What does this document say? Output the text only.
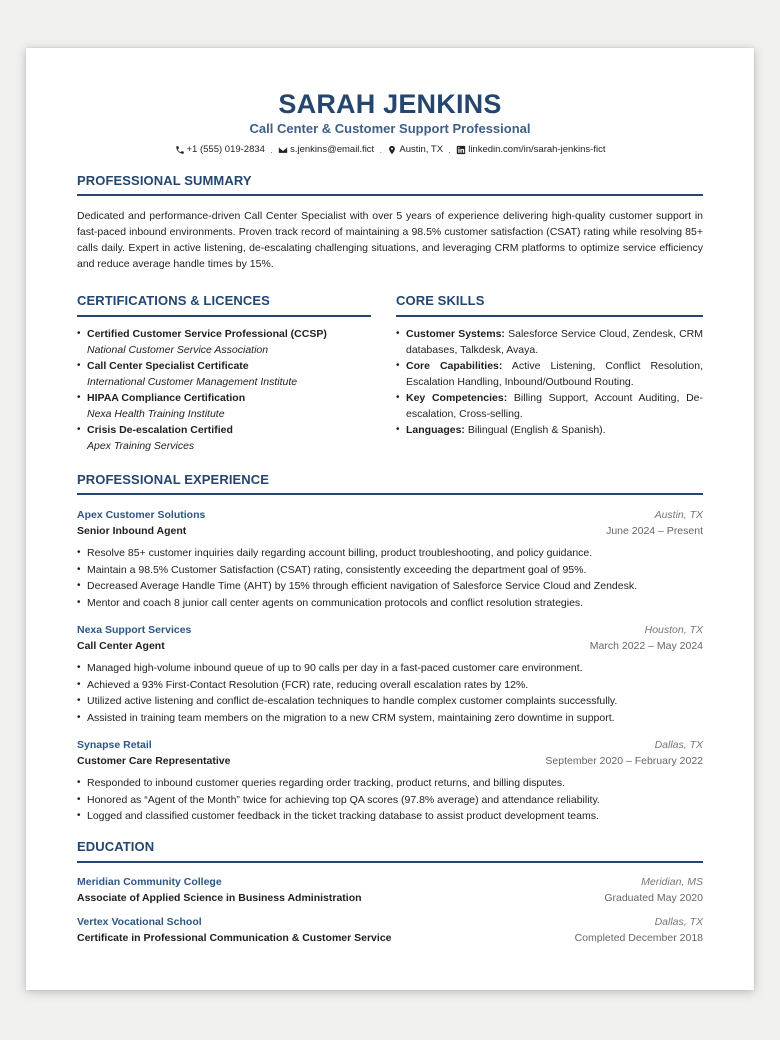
SARAH JENKINS
Call Center & Customer Support Professional
+1 (555) 019-2834 · s.jenkins@email.fict · Austin, TX · linkedin.com/in/sarah-jenkins-fict
PROFESSIONAL SUMMARY

Dedicated and performance-driven Call Center Specialist with over 5 years of experience delivering high-quality customer support in fast-paced inbound environments. Proven track record of maintaining a 98.5% customer satisfaction (CSAT) rating while resolving 85+ calls daily. Expert in active listening, de-escalating challenging situations, and leveraging CRM platforms to optimize service efficiency and reduce average handle times by 15%.

CERTIFICATIONS & LICENCES
• Certified Customer Service Professional (CCSP)
National Customer Service Association
• Call Center Specialist Certificate
International Customer Management Institute
• HIPAA Compliance Certification
Nexa Health Training Institute
• Crisis De-escalation Certified
Apex Training Services
CORE SKILLS
• Customer Systems: Salesforce Service Cloud, Zendesk, CRM databases, Talkdesk, Avaya.
• Core Capabilities: Active Listening, Conflict Resolution, Escalation Handling, Inbound/Outbound Routing.
• Key Competencies: Billing Support, Account Auditing, De-escalation, Cross-selling.
• Languages: Bilingual (English & Spanish).
PROFESSIONAL EXPERIENCE
Apex Customer Solutions	Austin, TX
Senior Inbound Agent	June 2024 – Present
• Resolve 85+ customer inquiries daily regarding account billing, product troubleshooting, and policy guidance.
• Maintain a 98.5% Customer Satisfaction (CSAT) rating, consistently exceeding the department goal of 95%.
• Decreased Average Handle Time (AHT) by 15% through efficient navigation of Salesforce Service Cloud and Zendesk.
• Mentor and coach 8 junior call center agents on communication protocols and conflict resolution strategies.
Nexa Support Services	Houston, TX
Call Center Agent	March 2022 – May 2024
• Managed high-volume inbound queue of up to 90 calls per day in a fast-paced customer care environment.
• Achieved a 93% First-Contact Resolution (FCR) rate, reducing overall escalation rates by 12%.
• Utilized active listening and conflict de-escalation techniques to handle complex customer complaints successfully.
• Assisted in training team members on the migration to a new CRM system, maintaining zero downtime in support.
Synapse Retail	Dallas, TX
Customer Care Representative	September 2020 – February 2022
• Responded to inbound customer queries regarding order tracking, product returns, and billing disputes.
• Honored as “Agent of the Month” twice for achieving top QA scores (97.8% average) and attendance reliability.
• Logged and classified customer feedback in the ticket tracking database to assist product development teams.
EDUCATION
Meridian Community College	Meridian, MS
Associate of Applied Science in Business Administration	Graduated May 2020
Vertex Vocational School	Dallas, TX
Certificate in Professional Communication & Customer Service	Completed December 2018
